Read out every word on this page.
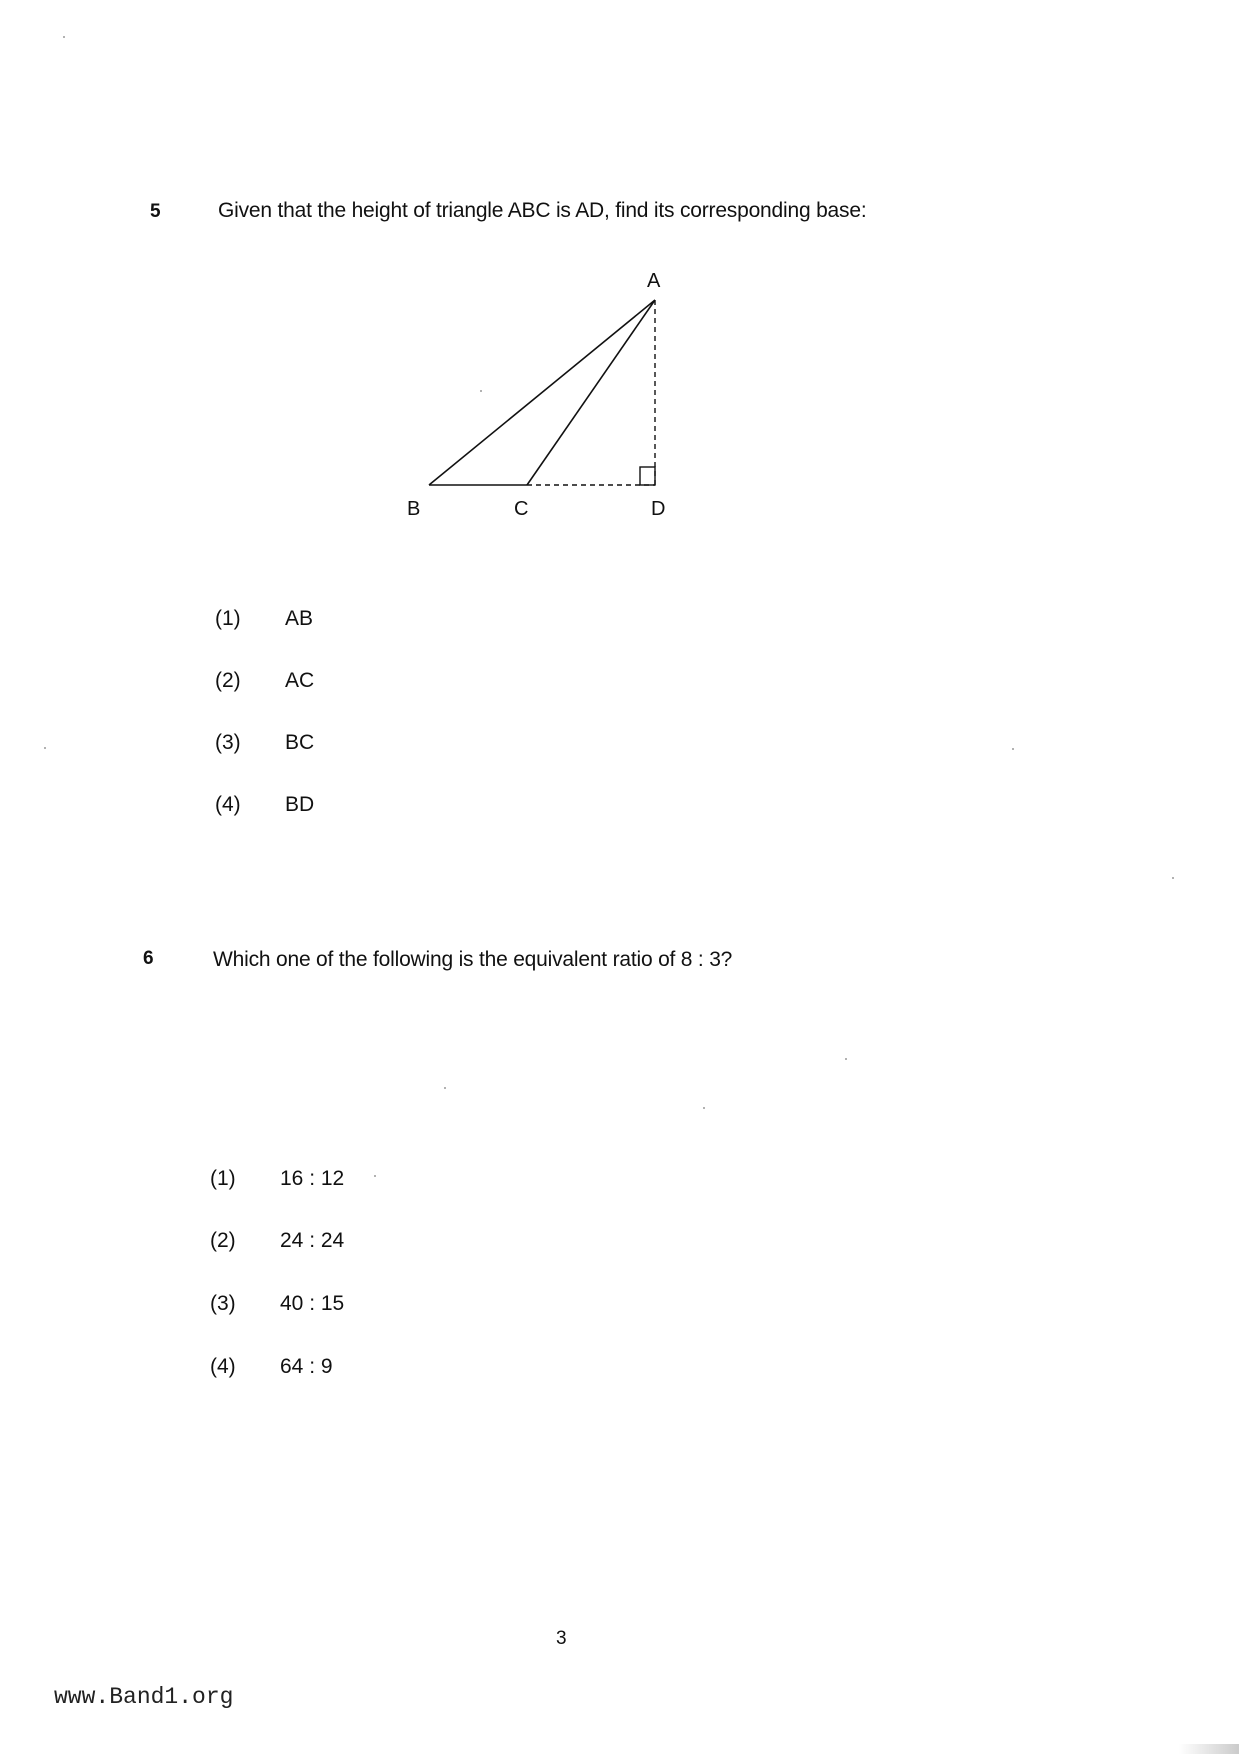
5	Given that the height of triangle ABC is AD, find its corresponding base:
A
B	C	D
(1) AB
(2) AC
(3) BC
(4) BD
6	Which one of the following is the equivalent ratio of 8 : 3?
(1) 16 : 12
(2) 24 : 24
(3) 40 : 15
(4) 64 : 9
3
www.Band1.org
